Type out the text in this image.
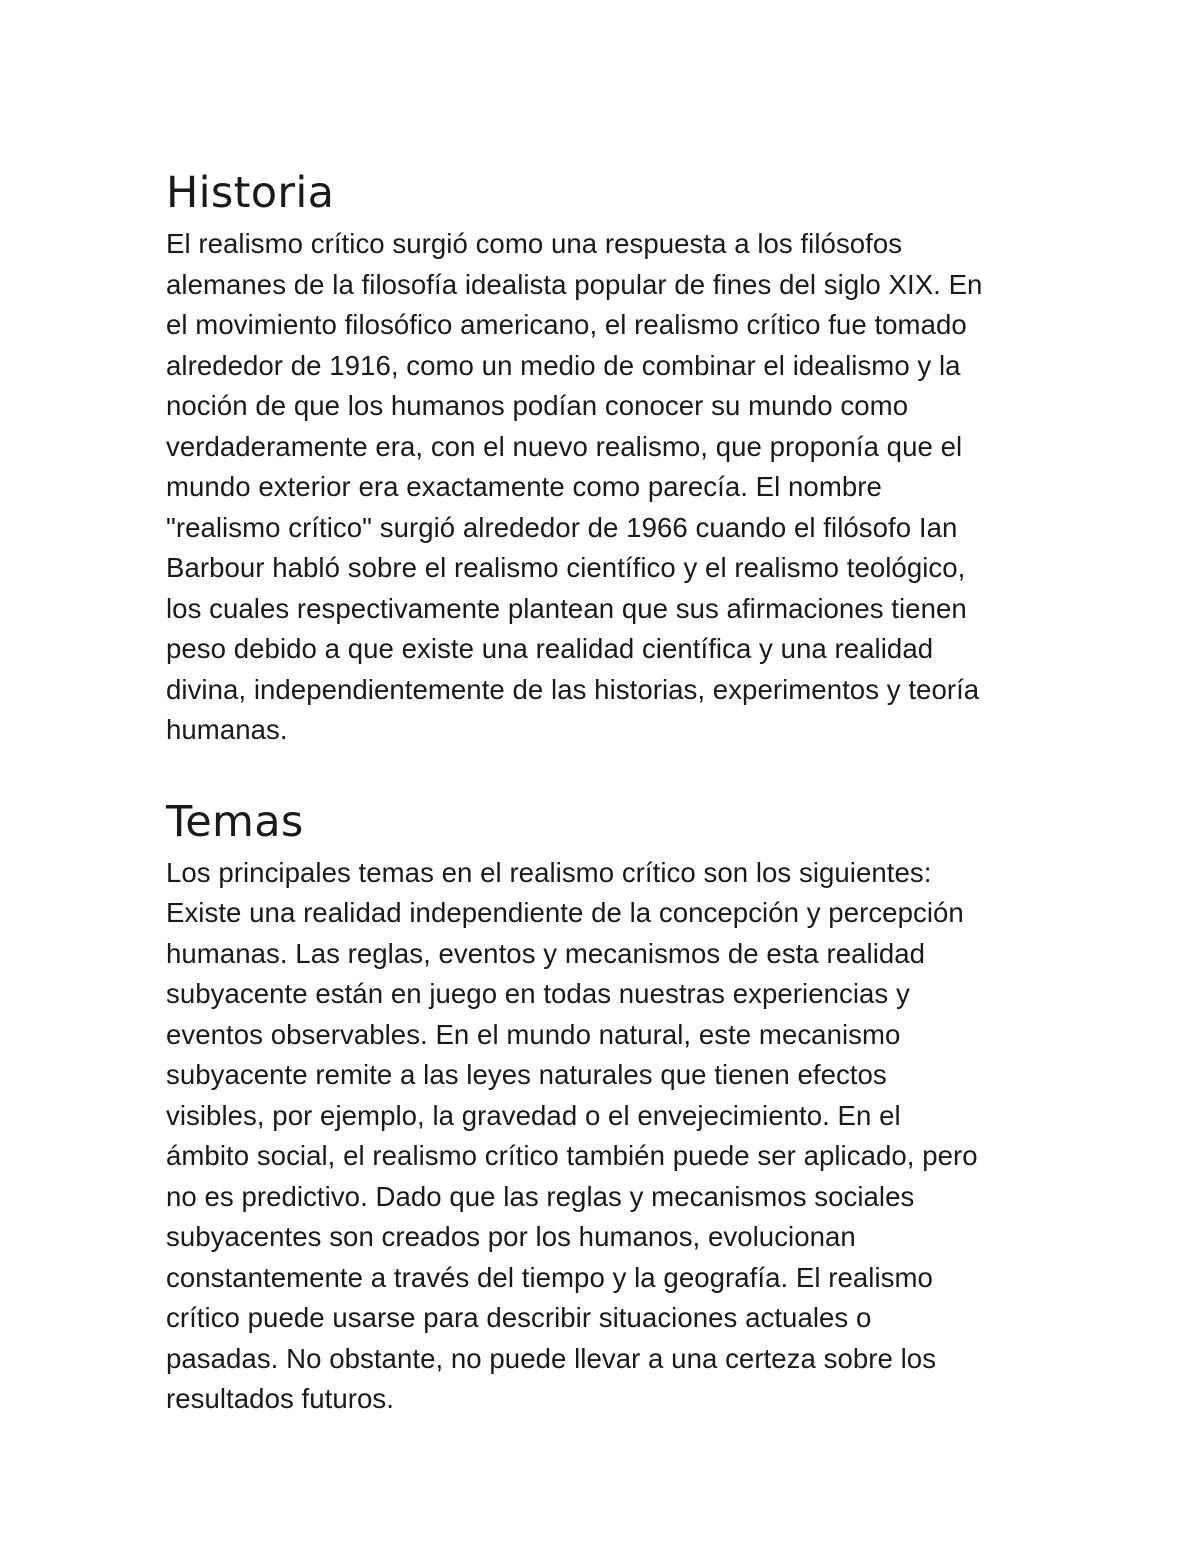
Historia

El realismo crítico surgió como una respuesta a los filósofos
alemanes de la filosofía idealista popular de fines del siglo XIX. En
el movimiento filosófico americano, el realismo crítico fue tomado
alrededor de 1916, como un medio de combinar el idealismo y la
noción de que los humanos podían conocer su mundo como
verdaderamente era, con el nuevo realismo, que proponía que el
mundo exterior era exactamente como parecía. El nombre
"realismo crítico" surgió alrededor de 1966 cuando el filósofo Ian
Barbour habló sobre el realismo científico y el realismo teológico,
los cuales respectivamente plantean que sus afirmaciones tienen
peso debido a que existe una realidad científica y una realidad
divina, independientemente de las historias, experimentos y teoría
humanas.

Temas

Los principales temas en el realismo crítico son los siguientes:
Existe una realidad independiente de la concepción y percepción
humanas. Las reglas, eventos y mecanismos de esta realidad
subyacente están en juego en todas nuestras experiencias y
eventos observables. En el mundo natural, este mecanismo
subyacente remite a las leyes naturales que tienen efectos
visibles, por ejemplo, la gravedad o el envejecimiento. En el
ámbito social, el realismo crítico también puede ser aplicado, pero
no es predictivo. Dado que las reglas y mecanismos sociales
subyacentes son creados por los humanos, evolucionan
constantemente a través del tiempo y la geografía. El realismo
crítico puede usarse para describir situaciones actuales o
pasadas. No obstante, no puede llevar a una certeza sobre los
resultados futuros.
